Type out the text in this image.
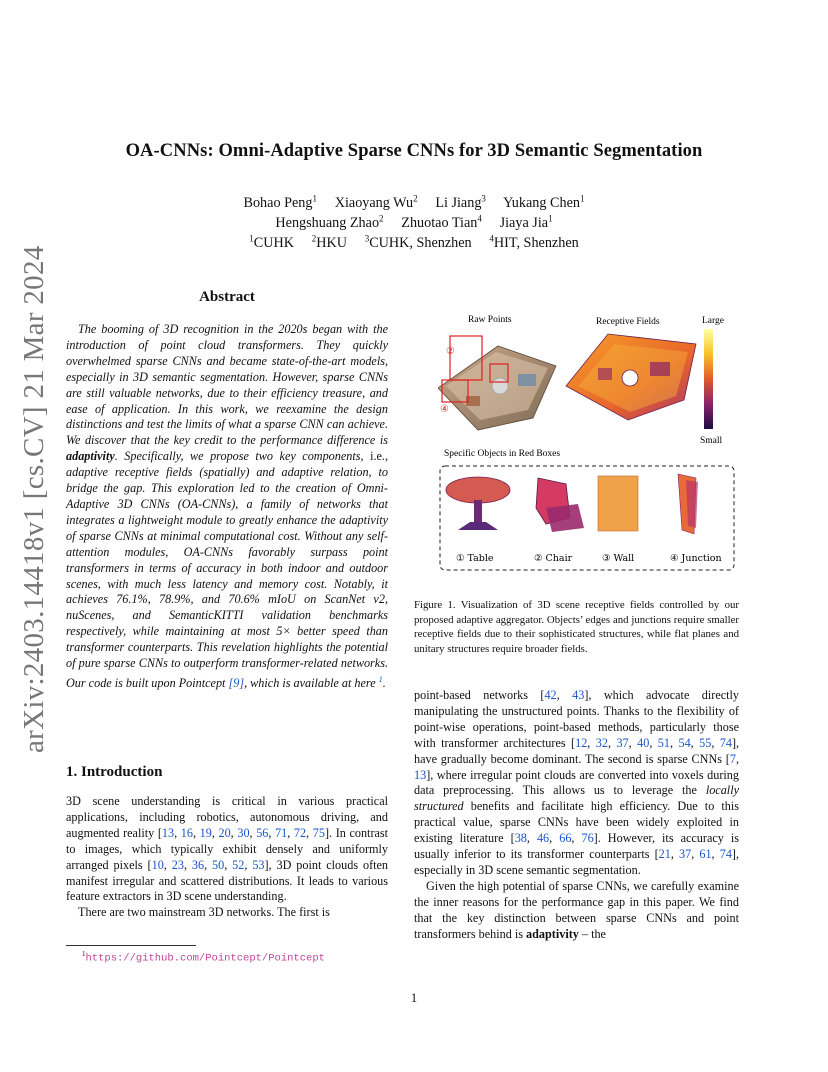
arXiv:2403.14418v1 [cs.CV] 21 Mar 2024
OA-CNNs: Omni-Adaptive Sparse CNNs for 3D Semantic Segmentation
Bohao Peng$^1$ Xiaoyang Wu$^2$ Li Jiang$^3$ Yukang Chen$^1$
Hengshuang Zhao$^2$ Zhuotao Tian$^4$ Jiaya Jia$^1$
$^1$CUHK $^2$HKU $^3$CUHK, Shenzhen $^4$HIT, Shenzhen
Abstract

The booming of 3D recognition in the 2020s began with the introduction of point cloud transformers. They quickly overwhelmed sparse CNNs and became state-of-the-art models, especially in 3D semantic segmentation. However, sparse CNNs are still valuable networks, due to their efficiency treasure, and ease of application. In this work, we reexamine the design distinctions and test the limits of what a sparse CNN can achieve. We discover that the key credit to the performance difference is adaptivity. Specifically, we propose two key components, i.e., adaptive receptive fields (spatially) and adaptive relation, to bridge the gap. This exploration led to the creation of Omni-Adaptive 3D CNNs (OA-CNNs), a family of networks that integrates a lightweight module to greatly enhance the adaptivity of sparse CNNs at minimal computational cost. Without any self-attention modules, OA-CNNs favorably surpass point transformers in terms of accuracy in both indoor and outdoor scenes, with much less latency and memory cost. Notably, it achieves 76.1%, 78.9%, and 70.6% mIoU on ScanNet v2, nuScenes, and SemanticKITTI validation benchmarks respectively, while maintaining at most 5× better speed than transformer counterparts. This revelation highlights the potential of pure sparse CNNs to outperform transformer-related networks. Our code is built upon Pointcept [9], which is available at here $^1$.

1. Introduction

3D scene understanding is critical in various practical applications, including robotics, autonomous driving, and augmented reality [13, 16, 19, 20, 30, 56, 71, 72, 75]. In contrast to images, which typically exhibit densely and uniformly arranged pixels [10, 23, 36, 50, 52, 53], 3D point clouds often manifest irregular and scattered distributions. It leads to various feature extractors in 3D scene understanding.

There are two mainstream 3D networks. The first is

$^1$https://github.com/Pointcept/Pointcept
Raw Points	Receptive Fields	Large
Small
②
④
Specific Objects in Red Boxes
① Table	② Chair	③ Wall	④ Junction
Figure 1. Visualization of 3D scene receptive fields controlled by our proposed adaptive aggregator. Objects’ edges and junctions require smaller receptive fields due to their sophisticated structures, while flat planes and unitary structures require broader fields.

point-based networks [42, 43], which advocate directly manipulating the unstructured points. Thanks to the flexibility of point-wise operations, point-based methods, particularly those with transformer architectures [12, 32, 37, 40, 51, 54, 55, 74], have gradually become dominant. The second is sparse CNNs [7, 13], where irregular point clouds are converted into voxels during data preprocessing. This allows us to leverage the locally structured benefits and facilitate high efficiency. Due to this practical value, sparse CNNs have been widely exploited in existing literature [38, 46, 66, 76]. However, its accuracy is usually inferior to its transformer counterparts [21, 37, 61, 74], especially in 3D scene semantic segmentation.

Given the high potential of sparse CNNs, we carefully examine the inner reasons for the performance gap in this paper. We find that the key distinction between sparse CNNs and point transformers behind is adaptivity – the

1
